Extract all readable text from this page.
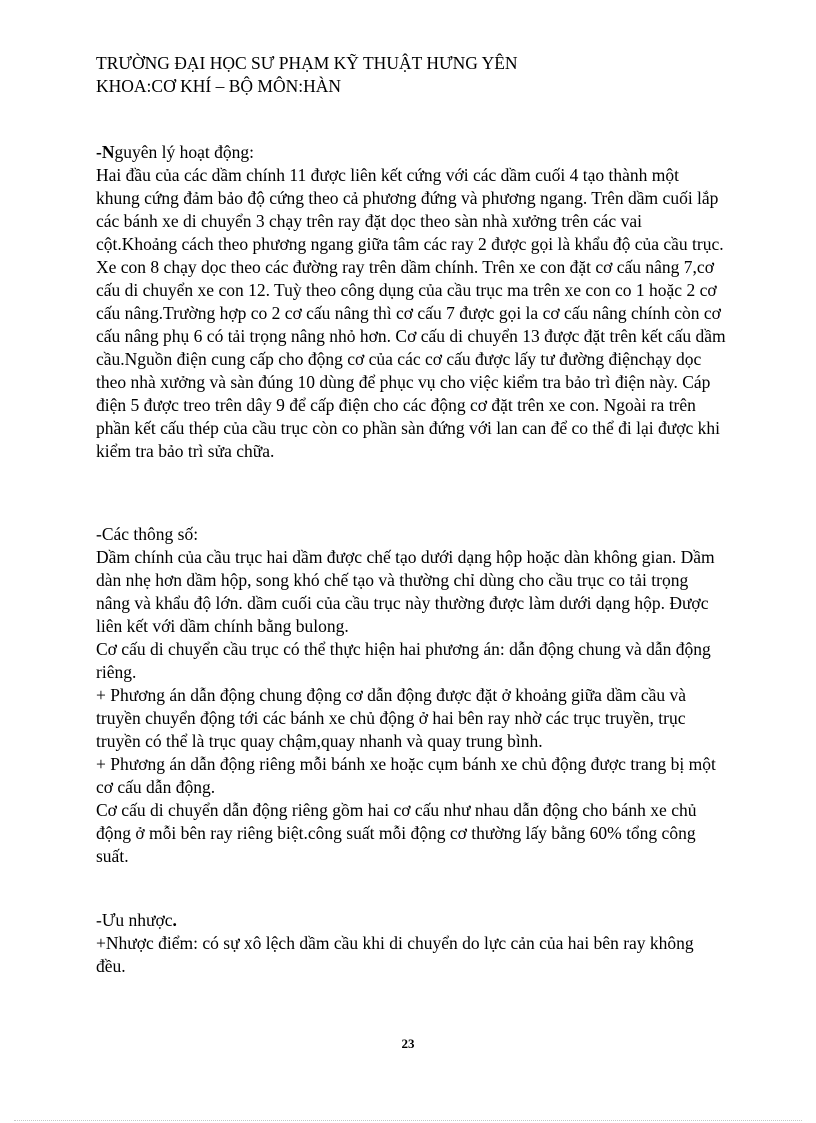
TRƯỜNG ĐẠI HỌC SƯ PHẠM KỸ THUẬT HƯNG YÊN
KHOA:CƠ KHÍ – BỘ MÔN:HÀN

-Nguyên lý hoạt động:

Hai đầu của các dầm chính 11 được liên kết cứng với các dầm cuối 4 tạo thành một khung cứng đảm bảo độ cứng theo cả phương đứng và phương ngang. Trên dầm cuối lắp các bánh xe di chuyển 3 chạy trên ray đặt dọc theo sàn nhà xưởng trên các vai cột.Khoảng cách theo phương ngang giữa tâm các ray 2 được gọi là khẩu độ của cầu trục. Xe con 8 chạy dọc theo các đường ray trên dầm chính. Trên xe con đặt cơ cấu nâng 7,cơ cấu di chuyển xe con 12. Tuỳ theo công dụng của cầu trục ma trên xe con co 1 hoặc 2 cơ cấu nâng.Trường hợp co 2 cơ cấu nâng thì cơ cấu 7 được gọi la cơ cấu nâng chính còn cơ cấu nâng phụ 6 có tải trọng nâng nhỏ hơn. Cơ cấu di chuyển 13 được đặt trên kết cấu dầm cầu.Nguồn điện cung cấp cho động cơ của các cơ cấu được lấy tư đường điệnchạy dọc theo nhà xưởng và sàn đúng 10 dùng để phục vụ cho việc kiểm tra bảo trì điện này. Cáp điện 5 được treo trên dây 9 để cấp điện cho các động cơ đặt trên xe con. Ngoài ra trên phần kết cấu thép của cầu trục còn co phần sàn đứng với lan can để co thể đi lại được khi kiểm tra bảo trì sửa chữa.

-Các thông số:

Dầm chính của cầu trục hai dầm được chế tạo dưới dạng hộp hoặc dàn không gian. Dầm dàn nhẹ hơn dầm hộp, song khó chế tạo và thường chỉ dùng cho cầu trục co tải trọng nâng và khẩu độ lớn. dầm cuối của cầu trục này thường được làm dưới dạng hộp. Được liên kết với dầm chính bằng bulong.

Cơ cấu di chuyển cầu trục có thể thực hiện hai phương án: dẫn động chung và dẫn động riêng.

+ Phương án dẫn động chung động cơ dẫn động được đặt ở khoảng giữa dầm cầu và truyền chuyển động tới các bánh xe chủ động ở hai bên ray nhờ các trục truyền, trục truyền có thể là trục quay chậm,quay nhanh và quay trung bình.

+ Phương án dẫn động riêng mỗi bánh xe hoặc cụm bánh xe chủ động được trang bị một cơ cấu dẫn động.

Cơ cấu di chuyển dẫn động riêng gồm hai cơ cấu như nhau dẫn động cho bánh xe chủ động ở mỗi bên ray riêng biệt.công suất mỗi động cơ thường lấy bằng 60% tổng công suất.

-Ưu nhược.

+Nhược điểm: có sự xô lệch dầm cầu khi di chuyển do lực cản của hai bên ray không đều.

23
